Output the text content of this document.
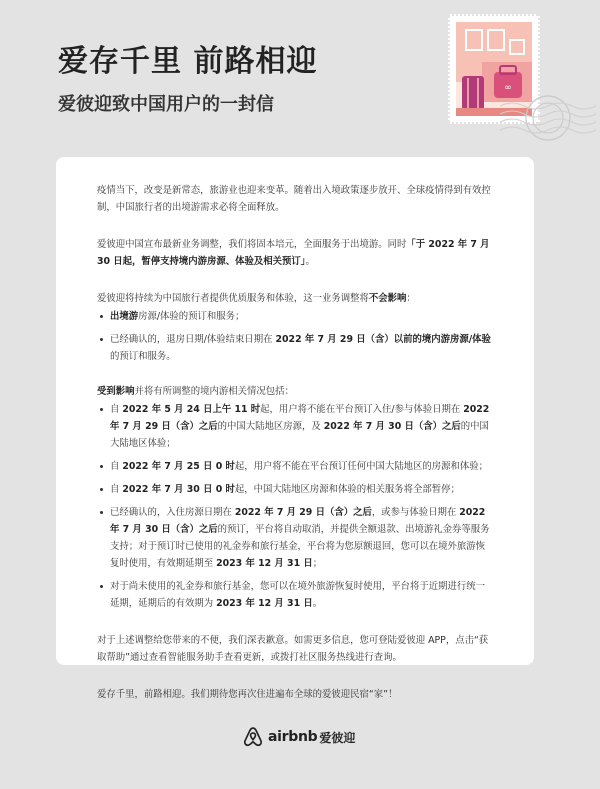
爱存千里 前路相迎
爱彼迎致中国用户的一封信
∞

疫情当下，改变是新常态，旅游业也迎来变革。随着出入境政策逐步放开、全球疫情得到有效控制，中国旅行者的出境游需求必将全面释放。

爱彼迎中国宣布最新业务调整，我们将固本培元，全面服务于出境游。同时「于 2022 年 7 月 30 日起，暂停支持境内游房源、体验及相关预订」。

爱彼迎将持续为中国旅行者提供优质服务和体验，这一业务调整将不会影响：

出境游房源/体验的预订和服务；
已经确认的，退房日期/体验结束日期在 2022 年 7 月 29 日（含）以前的境内游房源/体验的预订和服务。

受到影响并将有所调整的境内游相关情况包括：

自 2022 年 5 月 24 日上午 11 时起，用户将不能在平台预订入住/参与体验日期在 2022 年 7 月 29 日（含）之后的中国大陆地区房源，及 2022 年 7 月 30 日（含）之后的中国大陆地区体验；
自 2022 年 7 月 25 日 0 时起，用户将不能在平台预订任何中国大陆地区的房源和体验；
自 2022 年 7 月 30 日 0 时起，中国大陆地区房源和体验的相关服务将全部暂停；
已经确认的，入住房源日期在 2022 年 7 月 29 日（含）之后，或参与体验日期在 2022 年 7 月 30 日（含）之后的预订，平台将自动取消，并提供全额退款、出境游礼金券等服务支持；对于预订时已使用的礼金券和旅行基金，平台将为您原额退回，您可以在境外旅游恢复时使用，有效期延期至 2023 年 12 月 31 日；
对于尚未使用的礼金券和旅行基金，您可以在境外旅游恢复时使用，平台将于近期进行统一延期，延期后的有效期为 2023 年 12 月 31 日。

对于上述调整给您带来的不便，我们深表歉意。如需更多信息，您可登陆爱彼迎 APP，点击“获取帮助”通过查看智能服务助手查看更新，或拨打社区服务热线进行查询。

爱存千里，前路相迎。我们期待您再次住进遍布全球的爱彼迎民宿“家”！

airbnb 爱彼迎
